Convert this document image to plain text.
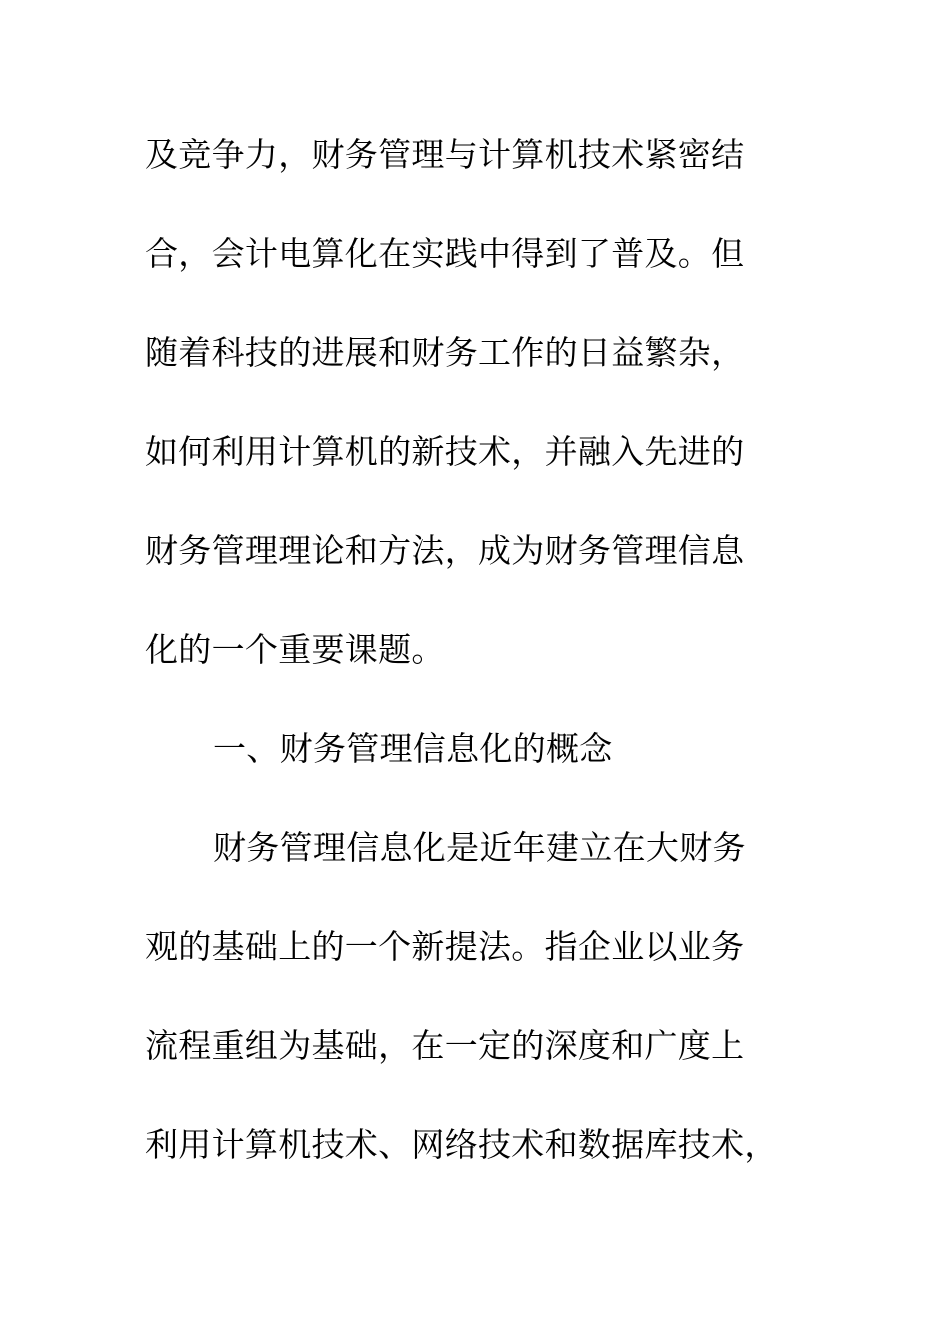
及竞争力，财务管理与计算机技术紧密结
合，会计电算化在实践中得到了普及。但
随着科技的进展和财务工作的日益繁杂，
如何利用计算机的新技术，并融入先进的
财务管理理论和方法，成为财务管理信息
化的一个重要课题。
一、财务管理信息化的概念
财务管理信息化是近年建立在大财务
观的基础上的一个新提法。指企业以业务
流程重组为基础，在一定的深度和广度上
利用计算机技术、网络技术和数据库技术，
